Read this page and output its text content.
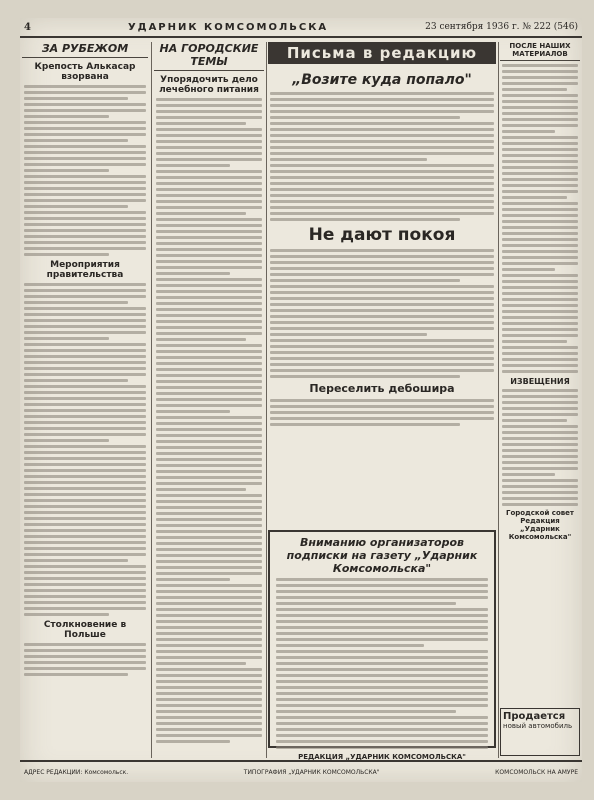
4	УДАРНИК КОМСОМОЛЬСКА	23 сентября 1936 г. № 222 (546)
ЗА РУБЕЖОМ
Крепость Алькасар взорвана
Мероприятия правительства
Столкновение в Польше
НА ГОРОДСКИЕ ТЕМЫ
Упорядочить дело лечебного питания
Письма в редакцию
„Возите куда попало"
Не дают покоя
Переселить дебошира
Вниманию организаторов подписки на газету „Ударник Комсомольска"
РЕДАКЦИЯ „УДАРНИК КОМСОМОЛЬСКА"
ПОСЛЕ НАШИХ МАТЕРИАЛОВ
ИЗВЕЩЕНИЯ
Городской совет Редакция „Ударник Комсомольска"
Продается
новый автомобиль
АДРЕС РЕДАКЦИИ: Комсомольск.	ТИПОГРАФИЯ „УДАРНИК КОМСОМОЛЬСКА"	КОМСОМОЛЬСК НА АМУРЕ
